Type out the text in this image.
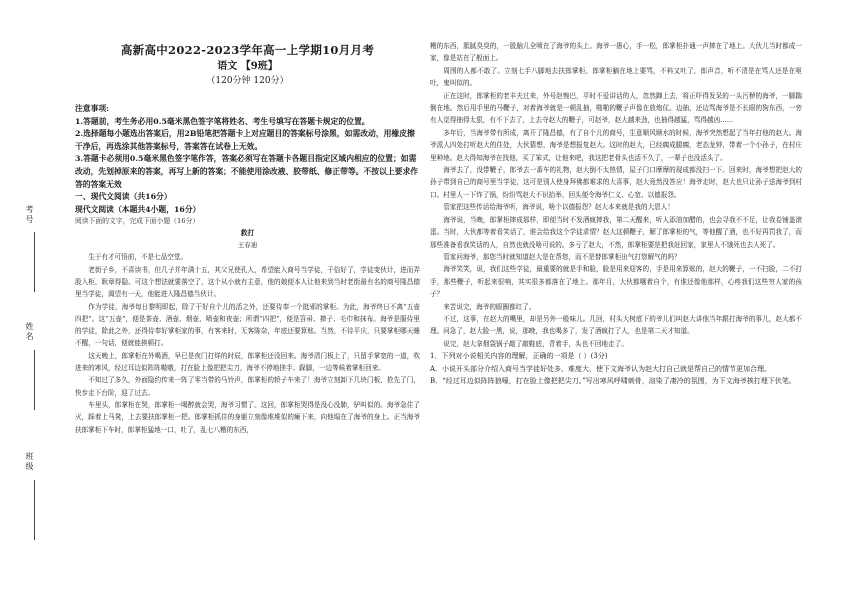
考号
姓名
班级
高新高中2022-2023学年高一上学期10月月考
语文 【9班】
（120分钟 120分）
注意事项:
1.答题前，考生务必用0.5毫米黑色签字笔将姓名、考生号填写在答题卡规定的位置。
2.选择题每小题选出答案后，用2B铅笔把答题卡上对应题目的答案标号涂黑，如需改动，用橡皮擦干净后，再选涂其他答案标号，答案答在试卷上无效。
3.答题卡必须用0.5毫米黑色签字笔作答，答案必须写在答题卡各题目指定区域内相应的位置；如需改动，先划掉原来的答案，再写上新的答案；不能使用涂改液、胶带纸、修正带等。不按以上要求作答的答案无效
一、现代文阅读（共16分）
现代文阅读（本题共4小题，16分）
阅读下面的文字，完成下面小题（16分）
救打
王春迪

生于有才可悟前，不是七品空堂。

老街子乡，不喜读书，但几子并年满十五，其父兄使孔人，希望能入商号当学徒，干俗好了，学徒变伙计，进而弄股入柜，耿章得隐。可这个想法就要落空了，这个从小就有主意，他的娘便本人让他来到当时老街最有名的商号隆昌德里当学徒，渴望有一天，他能进入隆昌德当伙计。

作为学徒，海爷每日黎明即起，除了干好自个儿的活之外，还要侍奉一个挺邪的掌柜。为此，海爷终日不离“五壶四把”。这“五壶”，便是茶壶、酒壶、烟壶、喷壶和夜壶；所谓“四把”，便是笤帚、掸子、毛巾和抹布。海爷是服侍里的学徒，除此之外，还得侍奉好掌柜家的事，有客来时，无客陈杂，年底还要算账。当然，不待平庆，只要掌柜哪天睡不醒，一句话，便就能挨顿打。

这天晚上，郎掌柜在外喝酒，早已是夜门打烊的时辰，郎掌柜还没回来。海爷清门板上了，只留手掌宽的一道，吹进来的寒风，经过耳边似阵阵嗷嗷，打在脸上像把把尖刀，海爷不停地搓手、跺脚，一边等候着掌柜回来。

不知过了多久，外面隐约传来一阵了零当带的马铃声，郎掌柜的轿子车来了！海爷立刻卸下几块门板，抢先了门，快步走下台阶，迎了过去。

车里头，郎掌柜在哭，郎掌柜一喝醉就会哭，海爷习惯了。这回，郎掌柜哭得是没心没肺，驴叫似的。海爷急住了灭，踩着上马凳，上去要扶郎掌柜一把。郎掌柜抓住的身躯立刻像堆堆似的瘫下来，向他塌在了海爷的身上。正当海爷扶郎掌柜下车时，郎掌柜猛地一口，吐了，乱七八糟的东西，

糟的东西，胝腻臭臭的，一股脑儿全喷在了海爷的头上。海爷一愚心，手一松，郎掌柜扑通一声摔在了地上。大伙儿当时都成一家，像是站在了般面上。

周围的人都不敢了。立刻七手八脚地去扶郎掌柜。郎掌柜躺在地上要骂，不料又吐了，郎声音，听不清是在骂人还是在呕吐，鬼叫似的。

正在这时，郎掌柜的老丰夫过来，外号赵惋巴，平时不爱讲话的人，忽然蹿上去，将正吓得发呆的一头污秽的海爷，一脚踹倒在地。然后用手里的马鞭子，对着海爷就是一顿乱抽，啪啪的鞭子声像在放炮仗。边抽，还边骂海爷是不长眼的狗东西，一旁有人觉得抽得太狠，有不下去了，上去夺赵大的鞭子，可赵爷，赵大越来劲，也抽得越猛，骂得越凶……

多年后，当海爷带有所成，离开了隆昌德，有了自个儿的商号，生意顺风顺水的时候，海爷突然想起了当年打他的赵大。海爷派人四处打听赵大的住处，大伙猜想，海爷是想报复赵大。这时的赵大，已经瘸成腿瘸，老态龙钟，带着一个小孙子，在村庄里种地。赵大得知海爷在找他，买了笨式，让他来吧，我这把老骨头也活不久了，一辈子也没活头了。

海爷去了，没带鞭子，郎爷去一番车的礼物，赵大倒不太热情，屋子门口摩摩的现成都没扫一下。回来时，海爷想把赵大的孙子带到自己的商号里当学徒，这可是别人使身拜佛都难求的大喜事，赵大竟然没答应！海爷走时，赵大也只让孙子送海爷到村口。村里人一下炸了锅，纷纷骂赵大不识抬举，回头便令海爷仁义、心宽、以德报怨。

管家把这些传话给海爷听，海爷说，啥个以德报怨？赵大本来就是我的大恩人！

海爷说，当晚，郎掌柜摔成那样，即便当时不发酒疯摔我，第二天醒来，听人添油加醋的，也会寻我不不足，让我卷铺盖滚蛋。当时，大伙都等着看笑话了，谁会给我这个学徒求情？赵大这顿鞭子，解了郎掌柜的气，等他醒了酒，也不好再罚我了，而那些准备看我笑话的人，自然也就没啥可说的。多亏了赵大，不然，郎掌柜要是把我赶回家，家里人不饿死也去人死了。

管家问海爷，那您当时就知道赵大是在帮您，而不是替郎掌柜出气打您解气的吗？

海爷笑笑，说，我们这些学徒，最重要的就是手和脸，脸是用来迎客的，手是用来算账的，赵大的鞭子，一不扫脸，二不打手，那些鞭子，听起来很响，其实很多都落在了地上。那年月，大伙都嚷着自个，有谁还像他那样，心疼我们这些穷人家的孩子？

来苦说完，海爷的眼圈都红了。

不过，这事，在赵大的嘴里，却是另外一般味儿。几回，村头大树底下的爷儿们叫赵大讲他当年跟打海爷的事儿，赵大都不理。问急了，赵大脸一黑，说，那晚，我也喝多了，发了酒疯打了人，也是第二天才知道。

说完，赵大拿烟袋锅子敲了敲鞋底，背着手，头也不回地走了。

1．下列对小说相关内容的理解，正确的一项是（ ）(3分)

A．小说开头部分介绍入商号当学徒好处多、难度大，使下文海爷认为赵大打自己就是帮自己的情节更加合理。

B．“经过耳边似阵阵狼嚎，打在脸上像把把尖刀。”写出寒风呼啸刺骨，渲染了凄冷的氛围，为下文海爷挨打埋下伏笔。
